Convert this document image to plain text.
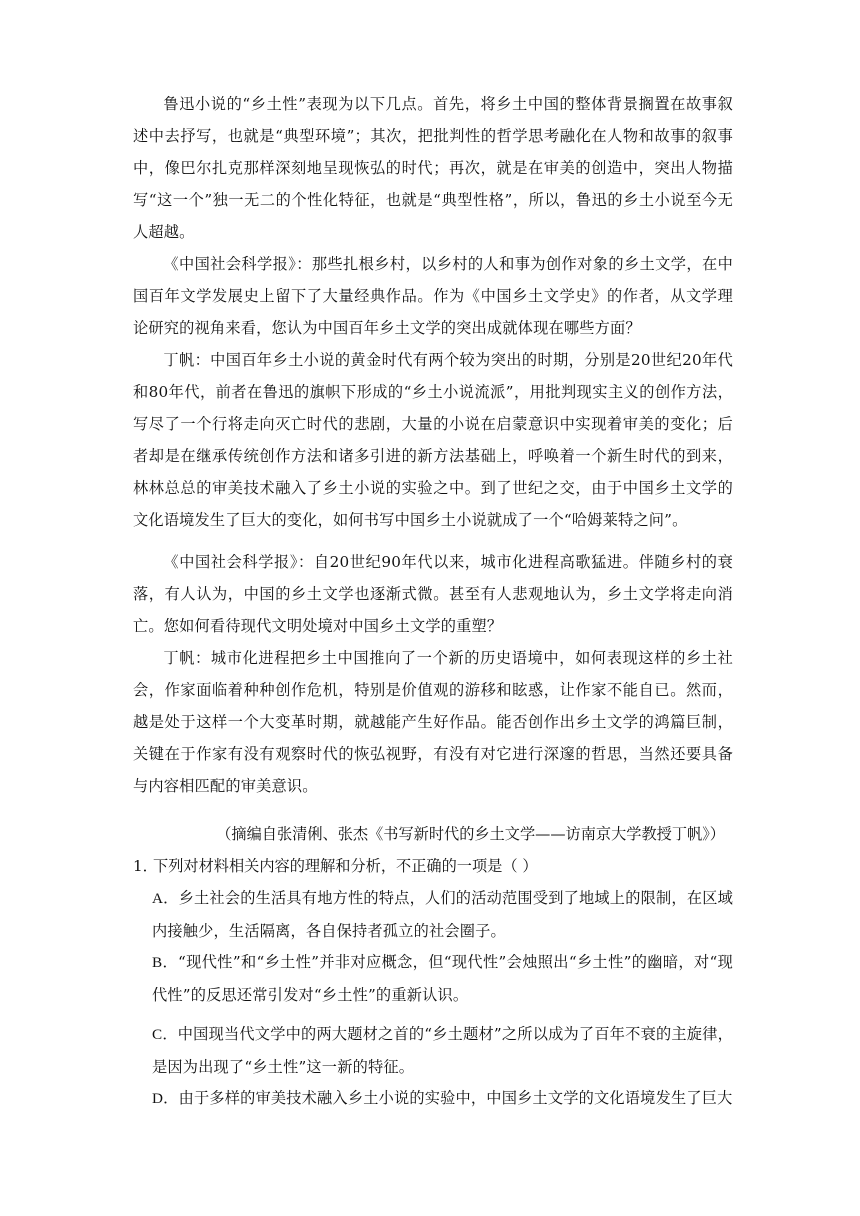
鲁迅小说的“乡土性”表现为以下几点。首先，将乡土中国的整体背景搁置在故事叙述中去抒写，也就是“典型环境”；其次，把批判性的哲学思考融化在人物和故事的叙事中，像巴尔扎克那样深刻地呈现恢弘的时代；再次，就是在审美的创造中，突出人物描写“这一个”独一无二的个性化特征，也就是“典型性格”，所以，鲁迅的乡土小说至今无人超越。

《中国社会科学报》：那些扎根乡村，以乡村的人和事为创作对象的乡土文学，在中国百年文学发展史上留下了大量经典作品。作为《中国乡土文学史》的作者，从文学理论研究的视角来看，您认为中国百年乡土文学的突出成就体现在哪些方面？

丁帆：中国百年乡土小说的黄金时代有两个较为突出的时期，分别是20世纪20年代和80年代，前者在鲁迅的旗帜下形成的“乡土小说流派”，用批判现实主义的创作方法，写尽了一个行将走向灭亡时代的悲剧，大量的小说在启蒙意识中实现着审美的变化；后者却是在继承传统创作方法和诸多引进的新方法基础上，呼唤着一个新生时代的到来，林林总总的审美技术融入了乡土小说的实验之中。到了世纪之交，由于中国乡土文学的文化语境发生了巨大的变化，如何书写中国乡土小说就成了一个“哈姆莱特之问”。

《中国社会科学报》：自20世纪90年代以来，城市化进程高歌猛进。伴随乡村的衰落，有人认为，中国的乡土文学也逐渐式微。甚至有人悲观地认为，乡土文学将走向消亡。您如何看待现代文明处境对中国乡土文学的重塑？

丁帆：城市化进程把乡土中国推向了一个新的历史语境中，如何表现这样的乡土社会，作家面临着种种创作危机，特别是价值观的游移和眩惑，让作家不能自已。然而，越是处于这样一个大变革时期，就越能产生好作品。能否创作出乡土文学的鸿篇巨制，关键在于作家有没有观察时代的恢弘视野，有没有对它进行深邃的哲思，当然还要具备与内容相匹配的审美意识。

（摘编自张清俐、张杰《书写新时代的乡土文学——访南京大学教授丁帆》）
1．下列对材料相关内容的理解和分析，不正确的一项是（ ）
A．乡土社会的生活具有地方性的特点，人们的活动范围受到了地域上的限制，在区域内接触少，生活隔离，各自保持者孤立的社会圈子。
B．“现代性”和“乡土性”并非对应概念，但“现代性”会烛照出“乡土性”的幽暗，对“现代性”的反思还常引发对“乡土性”的重新认识。
C．中国现当代文学中的两大题材之首的“乡土题材”之所以成为了百年不衰的主旋律，是因为出现了“乡土性”这一新的特征。
D．由于多样的审美技术融入乡土小说的实验中，中国乡土文学的文化语境发生了巨大
